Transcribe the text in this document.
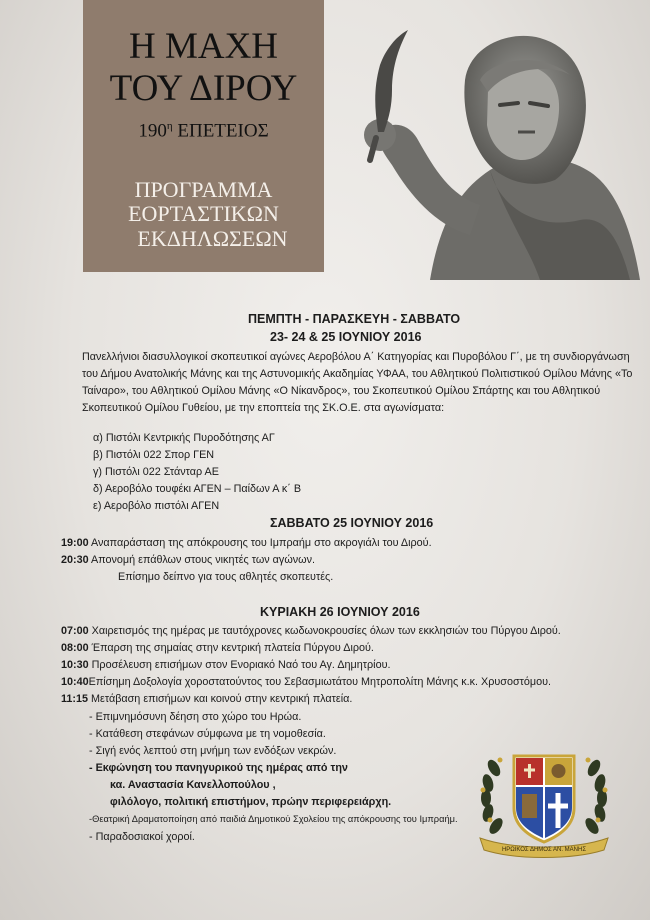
Η ΜΑΧΗ
ΤΟΥ ΔΙΡΟΥ
$190^\eta$ ΕΠΕΤΕΙΟΣ
ΠΡΟΓΡΑΜΜΑ
ΕΟΡΤΑΣΤΙΚΩΝ
ΕΚΔΗΛΩΣΕΩΝ
ΠΕΜΠΤΗ - ΠΑΡΑΣΚΕΥΗ - ΣΑΒΒΑΤΟ
23- 24 & 25 ΙΟΥΝΙΟΥ 2016
Πανελλήνιοι διασυλλογικοί σκοπευτικοί αγώνες Αεροβόλου Α΄ Κατηγορίας και Πυροβόλου Γ΄, με τη συνδιοργάνωση
του Δήμου Ανατολικής Μάνης και της Αστυνομικής Ακαδημίας ΥΦΑΑ, του Αθλητικού Πολιτιστικού Ομίλου Μάνης «Το
Ταίναρο», του Αθλητικού Ομίλου Μάνης «Ο Νίκανδρος», του Σκοπευτικού Ομίλου Σπάρτης και του Αθλητικού
Σκοπευτικού Ομίλου Γυθείου, με την εποπτεία της ΣΚ.Ο.Ε. στα αγωνίσματα:
α) Πιστόλι Κεντρικής Πυροδότησης ΑΓ
β) Πιστόλι 022 Σπορ ΓΕΝ
γ) Πιστόλι 022 Στάνταρ ΑΕ
δ) Αεροβόλο τουφέκι ΑΓΕΝ – Παίδων Α κ΄ Β
ε) Αεροβόλο πιστόλι ΑΓΕΝ
ΣΑΒΒΑΤΟ 25 ΙΟΥΝΙΟΥ 2016
19:00 Αναπαράσταση της απόκρουσης του Ιμπραήμ στο ακρογιάλι του Διρού.
20:30 Απονομή επάθλων στους νικητές των αγώνων.
Επίσημο δείπνο για τους αθλητές σκοπευτές.
ΚΥΡΙΑΚΗ 26 ΙΟΥΝΙΟΥ 2016
07:00 Χαιρετισμός της ημέρας με ταυτόχρονες κωδωνοκρουσίες όλων των εκκλησιών του Πύργου Διρού.
08:00 Έπαρση της σημαίας στην κεντρική πλατεία Πύργου Διρού.
10:30 Προσέλευση επισήμων στον Ενοριακό Ναό του Αγ. Δημητρίου.
10:40Επίσημη Δοξολογία χοροστατούντος του Σεβασμιωτάτου Μητροπολίτη Μάνης κ.κ. Χρυσοστόμου.
11:15 Μετάβαση επισήμων και κοινού στην κεντρική πλατεία.
- Επιμνημόσυνη δέηση στο χώρο του Ηρώα.
- Κατάθεση στεφάνων σύμφωνα με τη νομοθεσία.
- Σιγή ενός λεπτού στη μνήμη των ενδόξων νεκρών.
- Εκφώνηση του πανηγυρικού της ημέρας από την
κα. Αναστασία Κανελλοπούλου ,
φιλόλογο, πολιτική επιστήμον, πρώην περιφερειάρχη.
-Θεατρική Δραματοποίηση από παιδιά Δημοτικού Σχολείου της απόκρουσης του Ιμπραήμ.
- Παραδοσιακοί χοροί.
ΗΡΩΙΚΟΣ ΔΗΜΟΣ ΑΝ. ΜΑΝΗΣ
